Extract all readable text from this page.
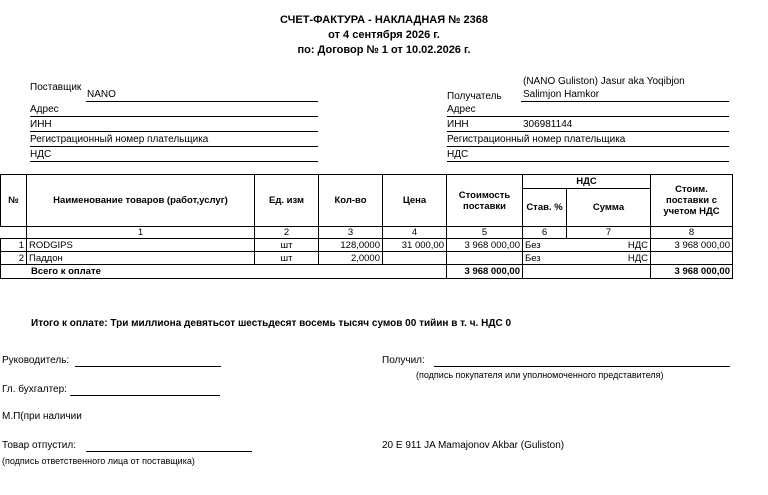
СЧЕТ-ФАКТУРА - НАКЛАДНАЯ № 2368
от 4 сентября 2026 г.
по: Договор № 1 от 10.02.2026 г.
Поставщик
NANO
Адрес
ИНН
Регистрационный номер плательщика
НДС
(NANO Guliston) Jasur aka Yoqibjon
Получатель Salimjon Hamkor
Адрес
ИНН	306981144
Регистрационный номер плательщика
НДС
№	Наименование товаров (работ,услуг)	Ед. изм	Кол-во	Цена	Стоимость поставки	НДС		Стоим. поставки с учетом НДС
						Став. %	Сумма	
	1	2	3	4	5	6	7	8
1	RODGIPS	шт	128,0000	31 000,00	3 968 000,00	Без	НДС	3 968 000,00
2	Паддон	шт	2,0000			Без	НДС	
Всего к оплате					3 968 000,00			3 968 000,00
Итого к оплате: Три миллиона девятьсот шестьдесят восемь тысяч сумов 00 тийин в т. ч. НДС 0
Руководитель:
Гл. бухгалтер:
М.П(при наличии
Товар отпустил:
(подпись ответственного лица от поставщика)
Получил:
(подпись покупателя или уполномоченного представителя)
20 E 911 JA Mamajonov Akbar (Guliston)
